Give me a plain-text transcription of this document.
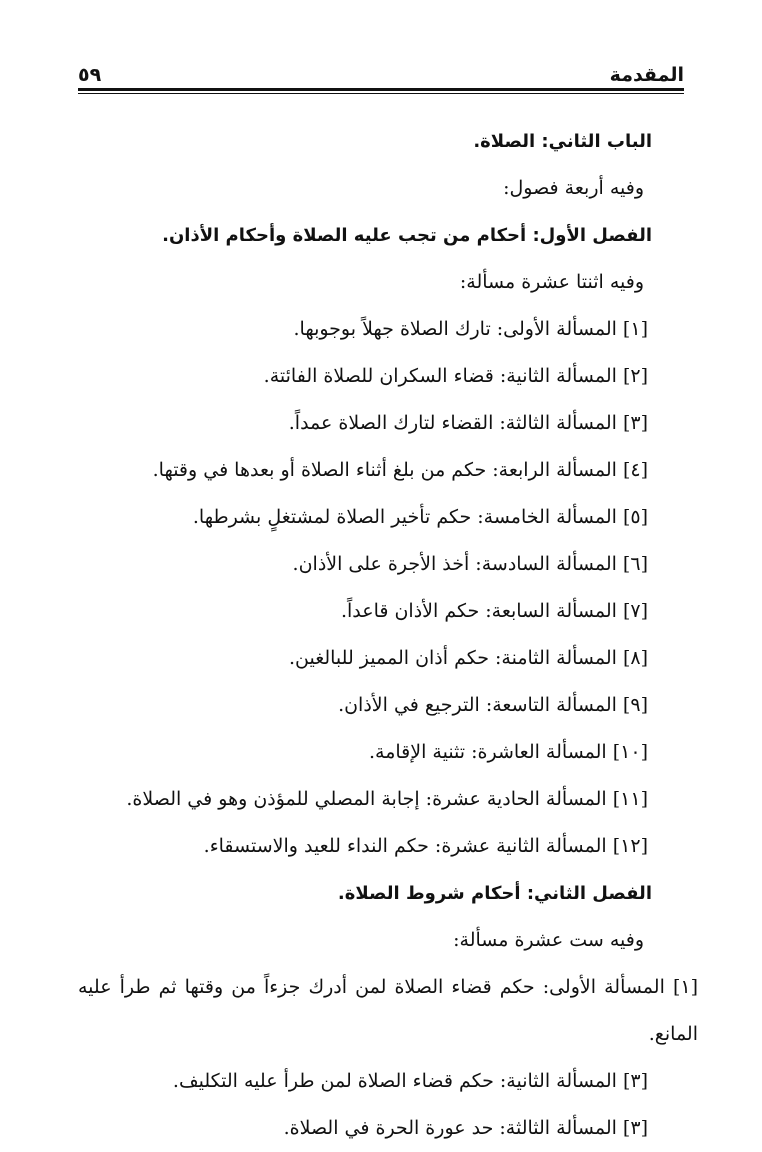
المقدمة
٥٩
الباب الثاني: الصلاة.
وفيه أربعة فصول:
الفصل الأول: أحكام من تجب عليه الصلاة وأحكام الأذان.
وفيه اثنتا عشرة مسألة:
[١] المسألة الأولى: تارك الصلاة جهلاً بوجوبها.
[٢] المسألة الثانية: قضاء السكران للصلاة الفائتة.
[٣] المسألة الثالثة: القضاء لتارك الصلاة عمداً.
[٤] المسألة الرابعة: حكم من بلغ أثناء الصلاة أو بعدها في وقتها.
[٥] المسألة الخامسة: حكم تأخير الصلاة لمشتغلٍ بشرطها.
[٦] المسألة السادسة: أخذ الأجرة على الأذان.
[٧] المسألة السابعة: حكم الأذان قاعداً.
[٨] المسألة الثامنة: حكم أذان المميز للبالغين.
[٩] المسألة التاسعة: الترجيع في الأذان.
[١٠] المسألة العاشرة: تثنية الإقامة.
[١١] المسألة الحادية عشرة: إجابة المصلي للمؤذن وهو في الصلاة.
[١٢] المسألة الثانية عشرة: حكم النداء للعيد والاستسقاء.
الفصل الثاني: أحكام شروط الصلاة.
وفيه ست عشرة مسألة:
[١] المسألة الأولى: حكم قضاء الصلاة لمن أدرك جزءاً من وقتها ثم طرأ عليه المانع.
[٣] المسألة الثانية: حكم قضاء الصلاة لمن طرأ عليه التكليف.
[٣] المسألة الثالثة: حد عورة الحرة في الصلاة.
